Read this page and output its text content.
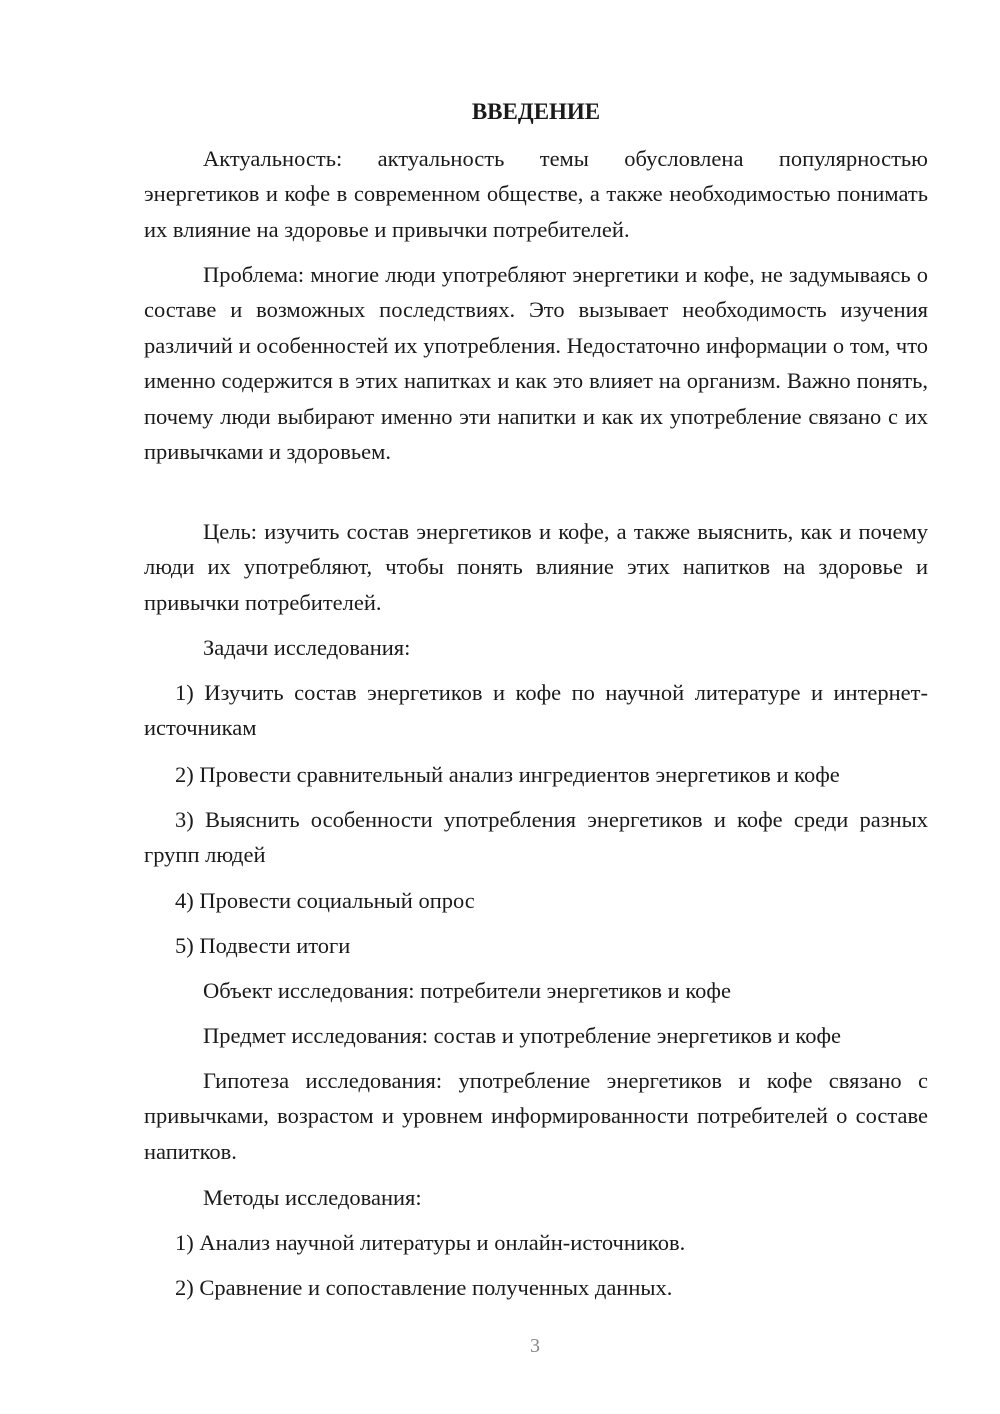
ВВЕДЕНИЕ

Актуальность: актуальность темы обусловлена популярностью энергетиков и кофе в современном обществе, а также необходимостью понимать их влияние на здоровье и привычки потребителей.

Проблема: многие люди употребляют энергетики и кофе, не задумываясь о составе и возможных последствиях. Это вызывает необходимость изучения различий и особенностей их употребления. Недостаточно информации о том, что именно содержится в этих напитках и как это влияет на организм. Важно понять, почему люди выбирают именно эти напитки и как их употребление связано с их привычками и здоровьем.

Цель: изучить состав энергетиков и кофе, а также выяснить, как и почему люди их употребляют, чтобы понять влияние этих напитков на здоровье и привычки потребителей.

Задачи исследования:

1) Изучить состав энергетиков и кофе по научной литературе и интернет-источникам

2) Провести сравнительный анализ ингредиентов энергетиков и кофе

3) Выяснить особенности употребления энергетиков и кофе среди разных групп людей

4) Провести социальный опрос

5) Подвести итоги

Объект исследования: потребители энергетиков и кофе

Предмет исследования: состав и употребление энергетиков и кофе

Гипотеза исследования: употребление энергетиков и кофе связано с привычками, возрастом и уровнем информированности потребителей о составе напитков.

Методы исследования:

1) Анализ научной литературы и онлайн-источников.

2) Сравнение и сопоставление полученных данных.

3
